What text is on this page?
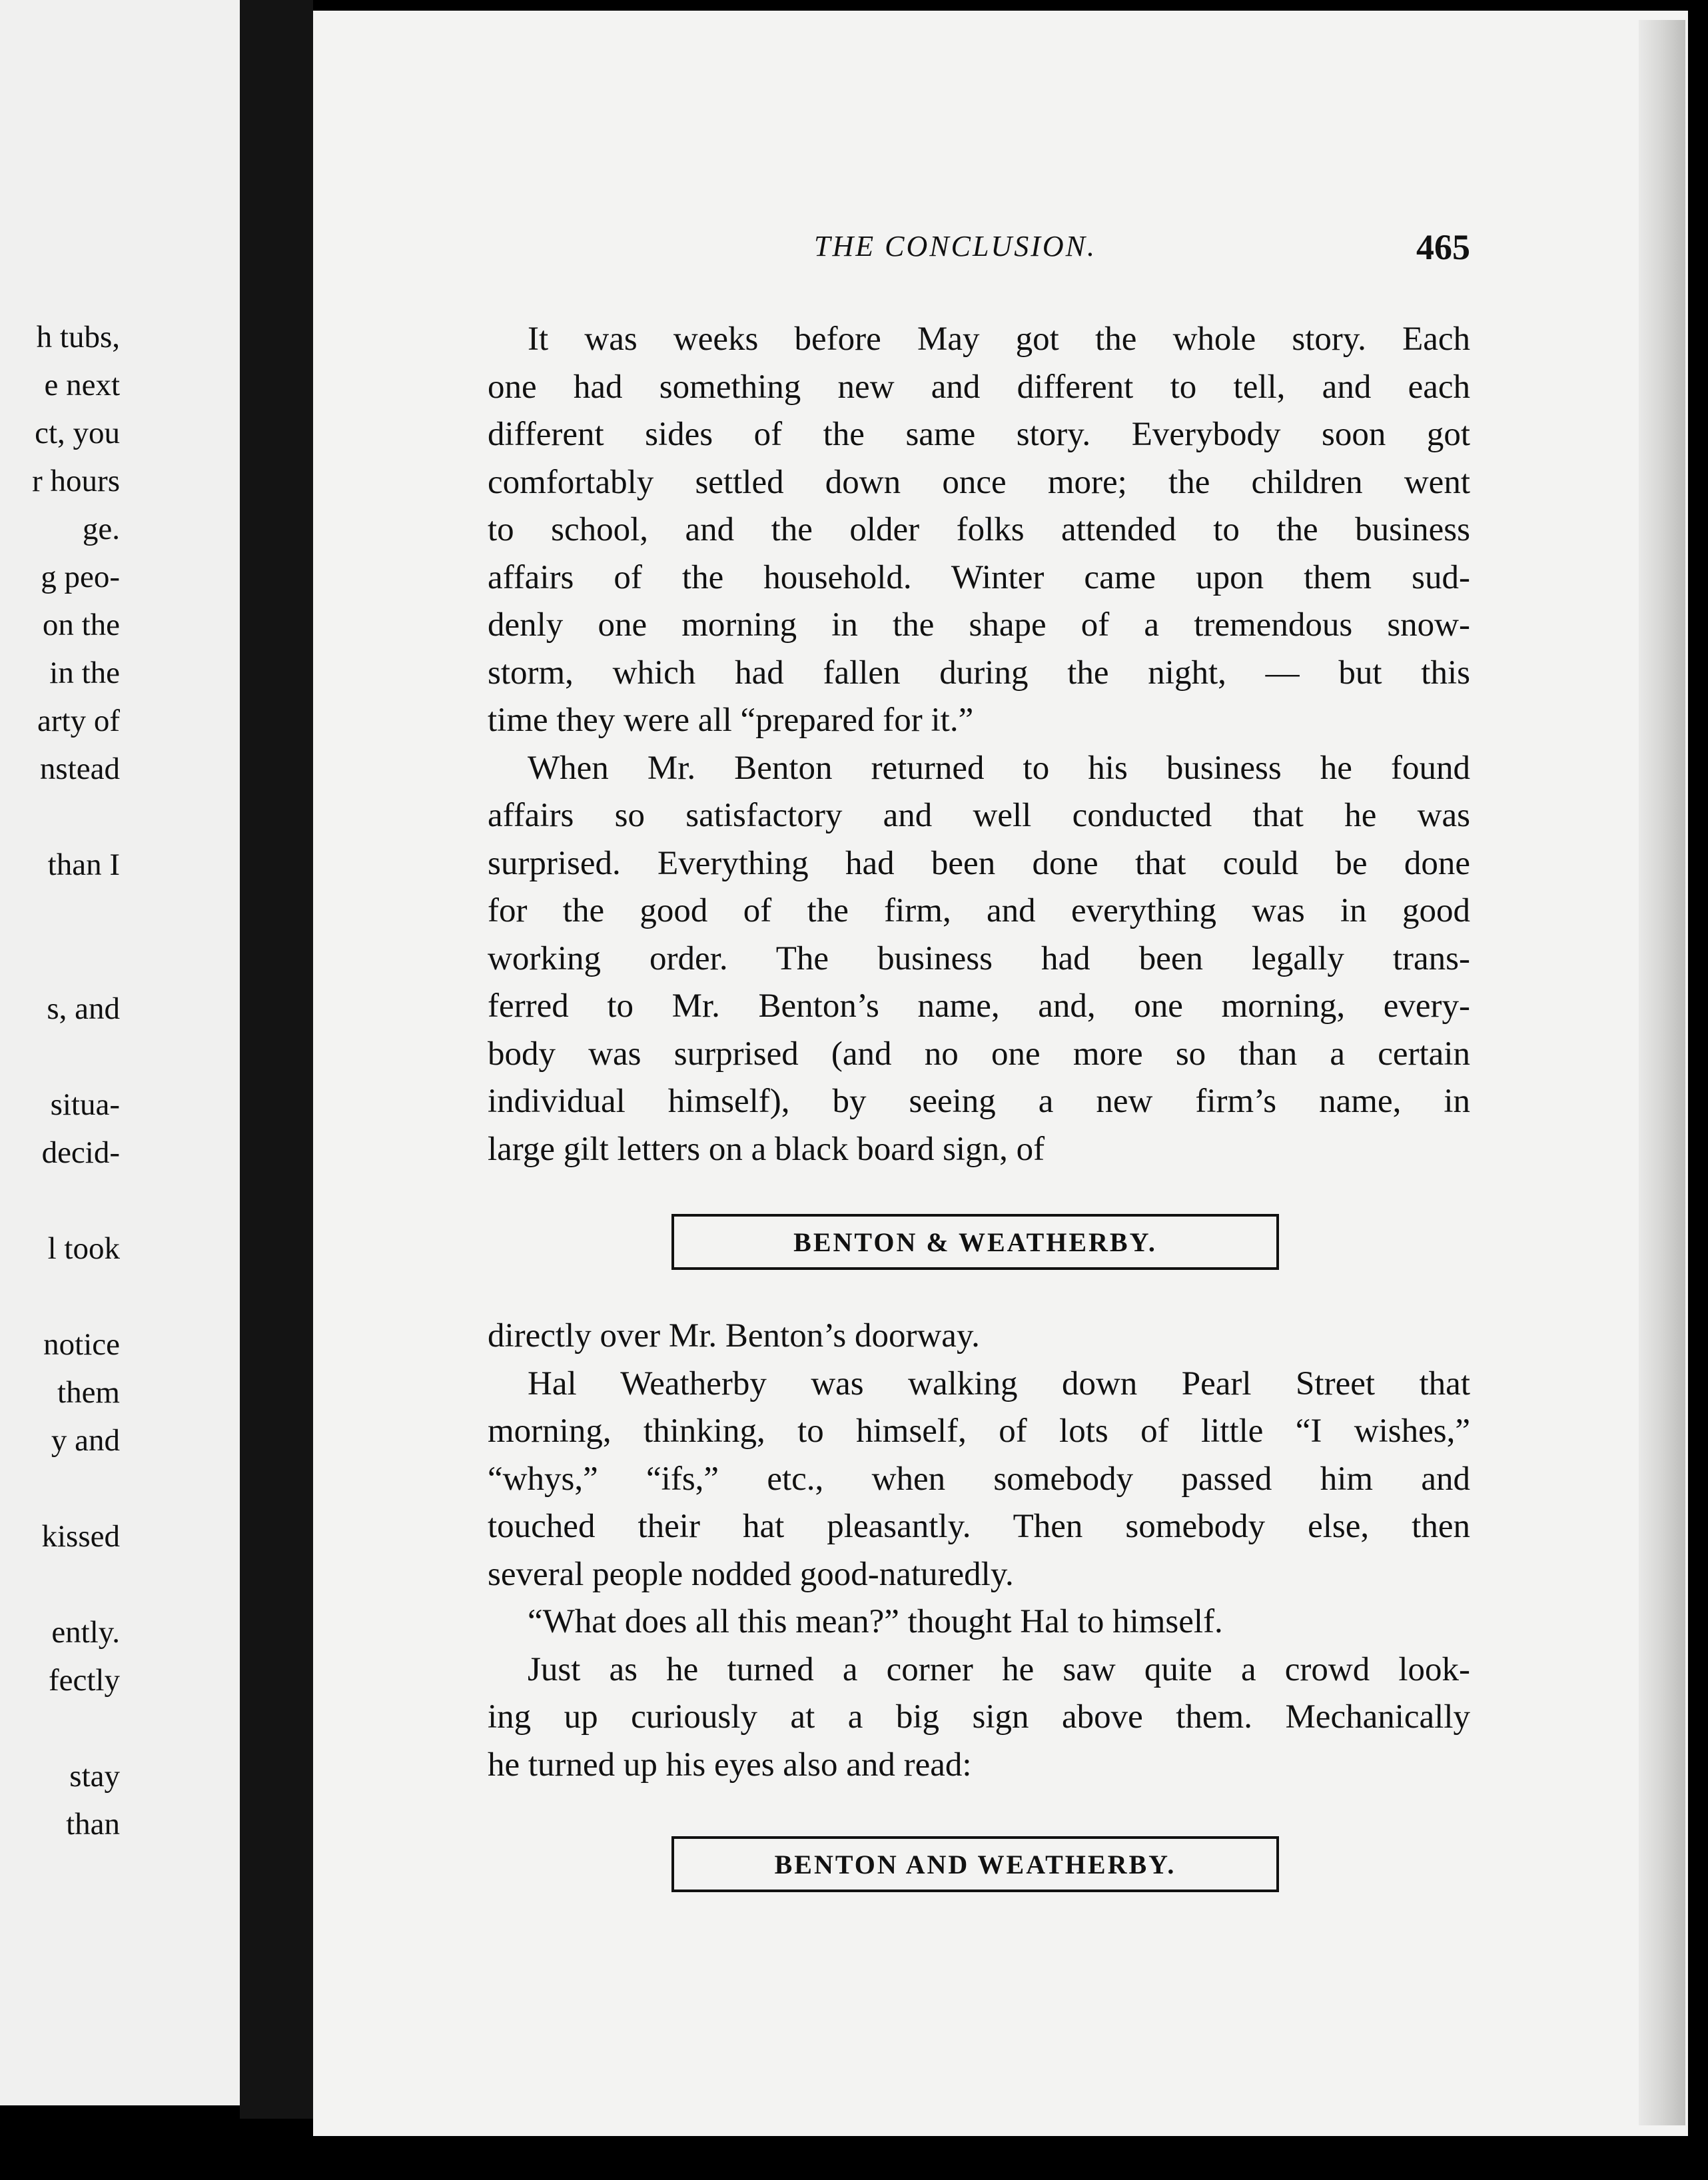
h tubs,
e next
ct, you
r hours
ge.
g peo-
on the
in the
arty of
nstead

than I

s, and

situa-
decid-

l took

notice
them
y and

kissed

ently.
fectly

stay
than
THE CONCLUSION.	465
It was weeks before May got the whole story. Each
one had something new and different to tell, and each
different sides of the same story. Everybody soon got
comfortably settled down once more; the children went
to school, and the older folks attended to the business
affairs of the household. Winter came upon them sud-
denly one morning in the shape of a tremendous snow-
storm, which had fallen during the night, — but this
time they were all “prepared for it.”
When Mr. Benton returned to his business he found
affairs so satisfactory and well conducted that he was
surprised. Everything had been done that could be done
for the good of the firm, and everything was in good
working order. The business had been legally trans-
ferred to Mr. Benton’s name, and, one morning, every-
body was surprised (and no one more so than a certain
individual himself), by seeing a new firm’s name, in
large gilt letters on a black board sign, of
BENTON & WEATHERBY.
directly over Mr. Benton’s doorway.
Hal Weatherby was walking down Pearl Street that
morning, thinking, to himself, of lots of little “I wishes,”
“whys,” “ifs,” etc., when somebody passed him and
touched their hat pleasantly. Then somebody else, then
several people nodded good-naturedly.
“What does all this mean?” thought Hal to himself.
Just as he turned a corner he saw quite a crowd look-
ing up curiously at a big sign above them. Mechanically
he turned up his eyes also and read:
BENTON AND WEATHERBY.
